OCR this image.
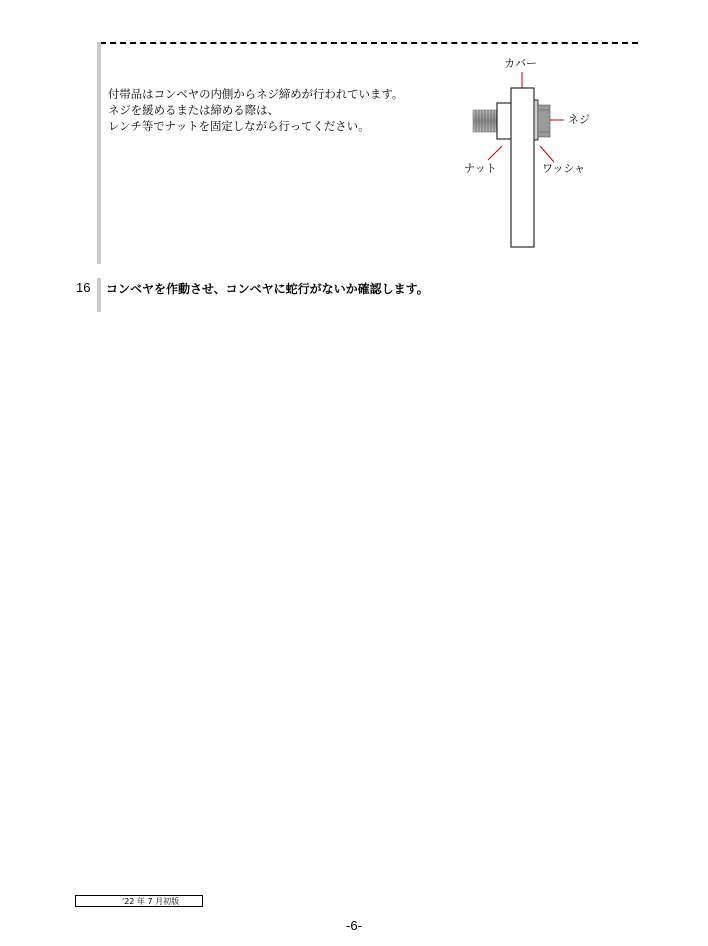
付帯品はコンベヤの内側からネジ締めが行われています。
ネジを緩めるまたは締める際は、
レンチ等でナットを固定しながら行ってください。
カバー
ネジ
ナット	ワッシャ
16 コンベヤを作動させ、コンベヤに蛇行がないか確認します。
'22 年 7 月初版
-6-
